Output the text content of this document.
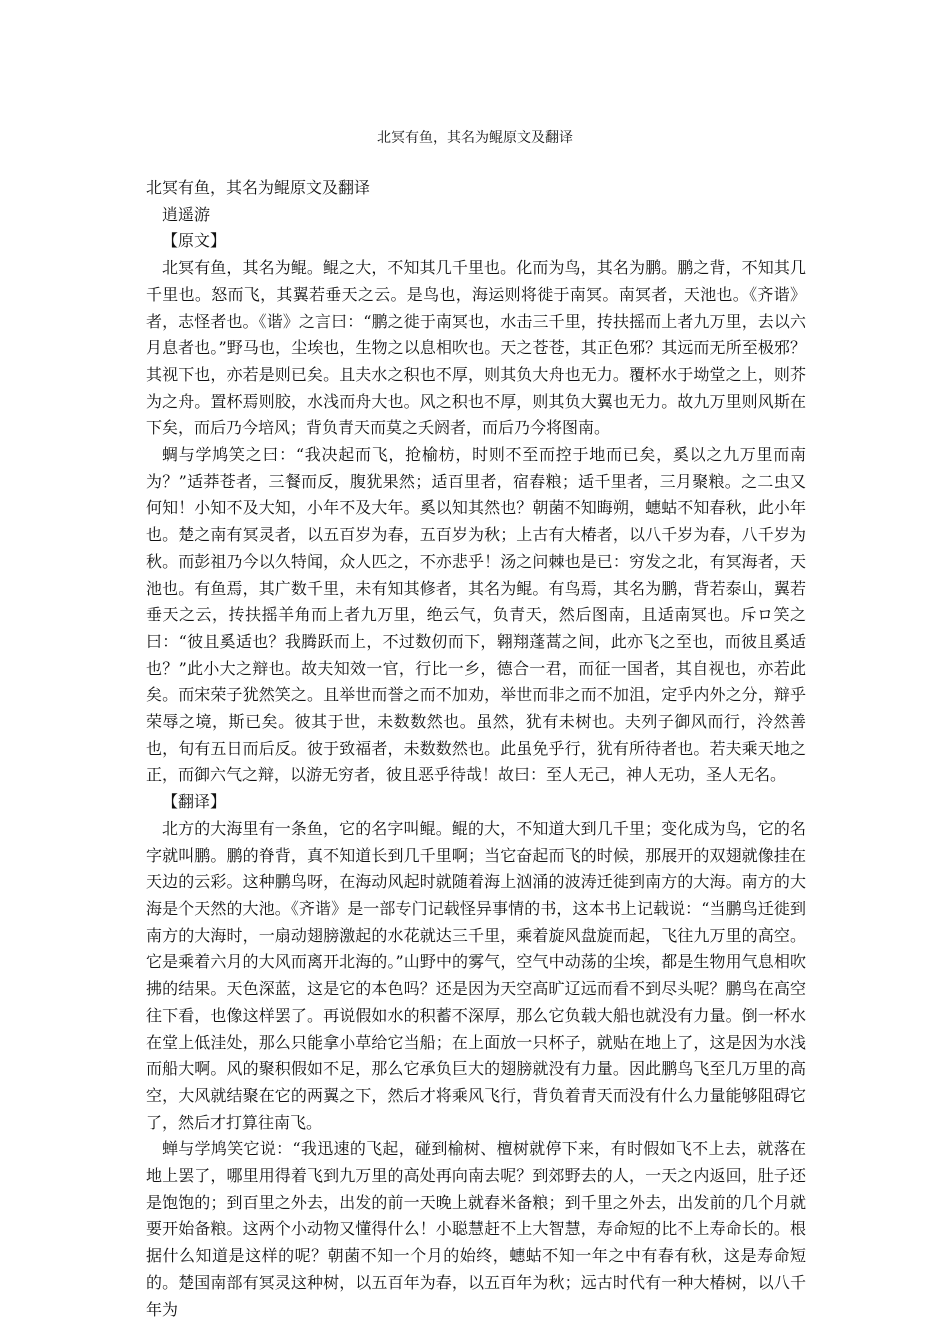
北冥有鱼，其名为鲲原文及翻译

北冥有鱼，其名为鲲原文及翻译

逍遥游

【原文】

北冥有鱼，其名为鲲。鲲之大，不知其几千里也。化而为鸟，其名为鹏。鹏之背，不知其几千里也。怒而飞，其翼若垂天之云。是鸟也，海运则将徙于南冥。南冥者，天池也。《齐谐》者，志怪者也。《谐》之言曰：“鹏之徙于南冥也，水击三千里，抟扶摇而上者九万里，去以六月息者也。”野马也，尘埃也，生物之以息相吹也。天之苍苍，其正色邪？其远而无所至极邪？其视下也，亦若是则已矣。且夫水之积也不厚，则其负大舟也无力。覆杯水于坳堂之上，则芥为之舟。置杯焉则胶，水浅而舟大也。风之积也不厚，则其负大翼也无力。故九万里则风斯在下矣，而后乃今培风；背负青天而莫之夭阏者，而后乃今将图南。

蜩与学鸠笑之曰：“我决起而飞，抢榆枋，时则不至而控于地而已矣，奚以之九万里而南为？”适莽苍者，三餐而反，腹犹果然；适百里者，宿舂粮；适千里者，三月聚粮。之二虫又何知！小知不及大知，小年不及大年。奚以知其然也？朝菌不知晦朔，蟪蛄不知春秋，此小年也。楚之南有冥灵者，以五百岁为春，五百岁为秋；上古有大椿者，以八千岁为春，八千岁为秋。而彭祖乃今以久特闻，众人匹之，不亦悲乎！汤之问棘也是已：穷发之北，有冥海者，天池也。有鱼焉，其广数千里，未有知其修者，其名为鲲。有鸟焉，其名为鹏，背若泰山，翼若垂天之云，抟扶摇羊角而上者九万里，绝云气，负青天，然后图南，且适南冥也。斥ロ笑之曰：“彼且奚适也？我腾跃而上，不过数仞而下，翱翔蓬蒿之间，此亦飞之至也，而彼且奚适也？”此小大之辩也。故夫知效一官，行比一乡，德合一君，而征一国者，其自视也，亦若此矣。而宋荣子犹然笑之。且举世而誉之而不加劝，举世而非之而不加沮，定乎内外之分，辩乎荣辱之境，斯已矣。彼其于世，未数数然也。虽然，犹有未树也。夫列子御风而行，泠然善也，旬有五日而后反。彼于致福者，未数数然也。此虽免乎行，犹有所待者也。若夫乘天地之正，而御六气之辩，以游无穷者，彼且恶乎待哉！故曰：至人无己，神人无功，圣人无名。

【翻译】

北方的大海里有一条鱼，它的名字叫鲲。鲲的大，不知道大到几千里；变化成为鸟，它的名字就叫鹏。鹏的脊背，真不知道长到几千里啊；当它奋起而飞的时候，那展开的双翅就像挂在天边的云彩。这种鹏鸟呀，在海动风起时就随着海上汹涌的波涛迁徙到南方的大海。南方的大海是个天然的大池。《齐谐》是一部专门记载怪异事情的书，这本书上记载说：“当鹏鸟迁徙到南方的大海时，一扇动翅膀激起的水花就达三千里，乘着旋风盘旋而起，飞往九万里的高空。它是乘着六月的大风而离开北海的。”山野中的雾气，空气中动荡的尘埃，都是生物用气息相吹拂的结果。天色深蓝，这是它的本色吗？还是因为天空高旷辽远而看不到尽头呢？鹏鸟在高空往下看，也像这样罢了。再说假如水的积蓄不深厚，那么它负载大船也就没有力量。倒一杯水在堂上低洼处，那么只能拿小草给它当船；在上面放一只杯子，就贴在地上了，这是因为水浅而船大啊。风的聚积假如不足，那么它承负巨大的翅膀就没有力量。因此鹏鸟飞至几万里的高空，大风就结聚在它的两翼之下，然后才将乘风飞行，背负着青天而没有什么力量能够阻碍它了，然后才打算往南飞。

蝉与学鸠笑它说：“我迅速的飞起，碰到榆树、檀树就停下来，有时假如飞不上去，就落在地上罢了，哪里用得着飞到九万里的高处再向南去呢？到郊野去的人，一天之内返回，肚子还是饱饱的；到百里之外去，出发的前一天晚上就舂米备粮；到千里之外去，出发前的几个月就要开始备粮。这两个小动物又懂得什么！小聪慧赶不上大智慧，寿命短的比不上寿命长的。根据什么知道是这样的呢？朝菌不知一个月的始终，蟪蛄不知一年之中有春有秋，这是寿命短的。楚国南部有冥灵这种树，以五百年为春，以五百年为秋；远古时代有一种大椿树，以八千年为
